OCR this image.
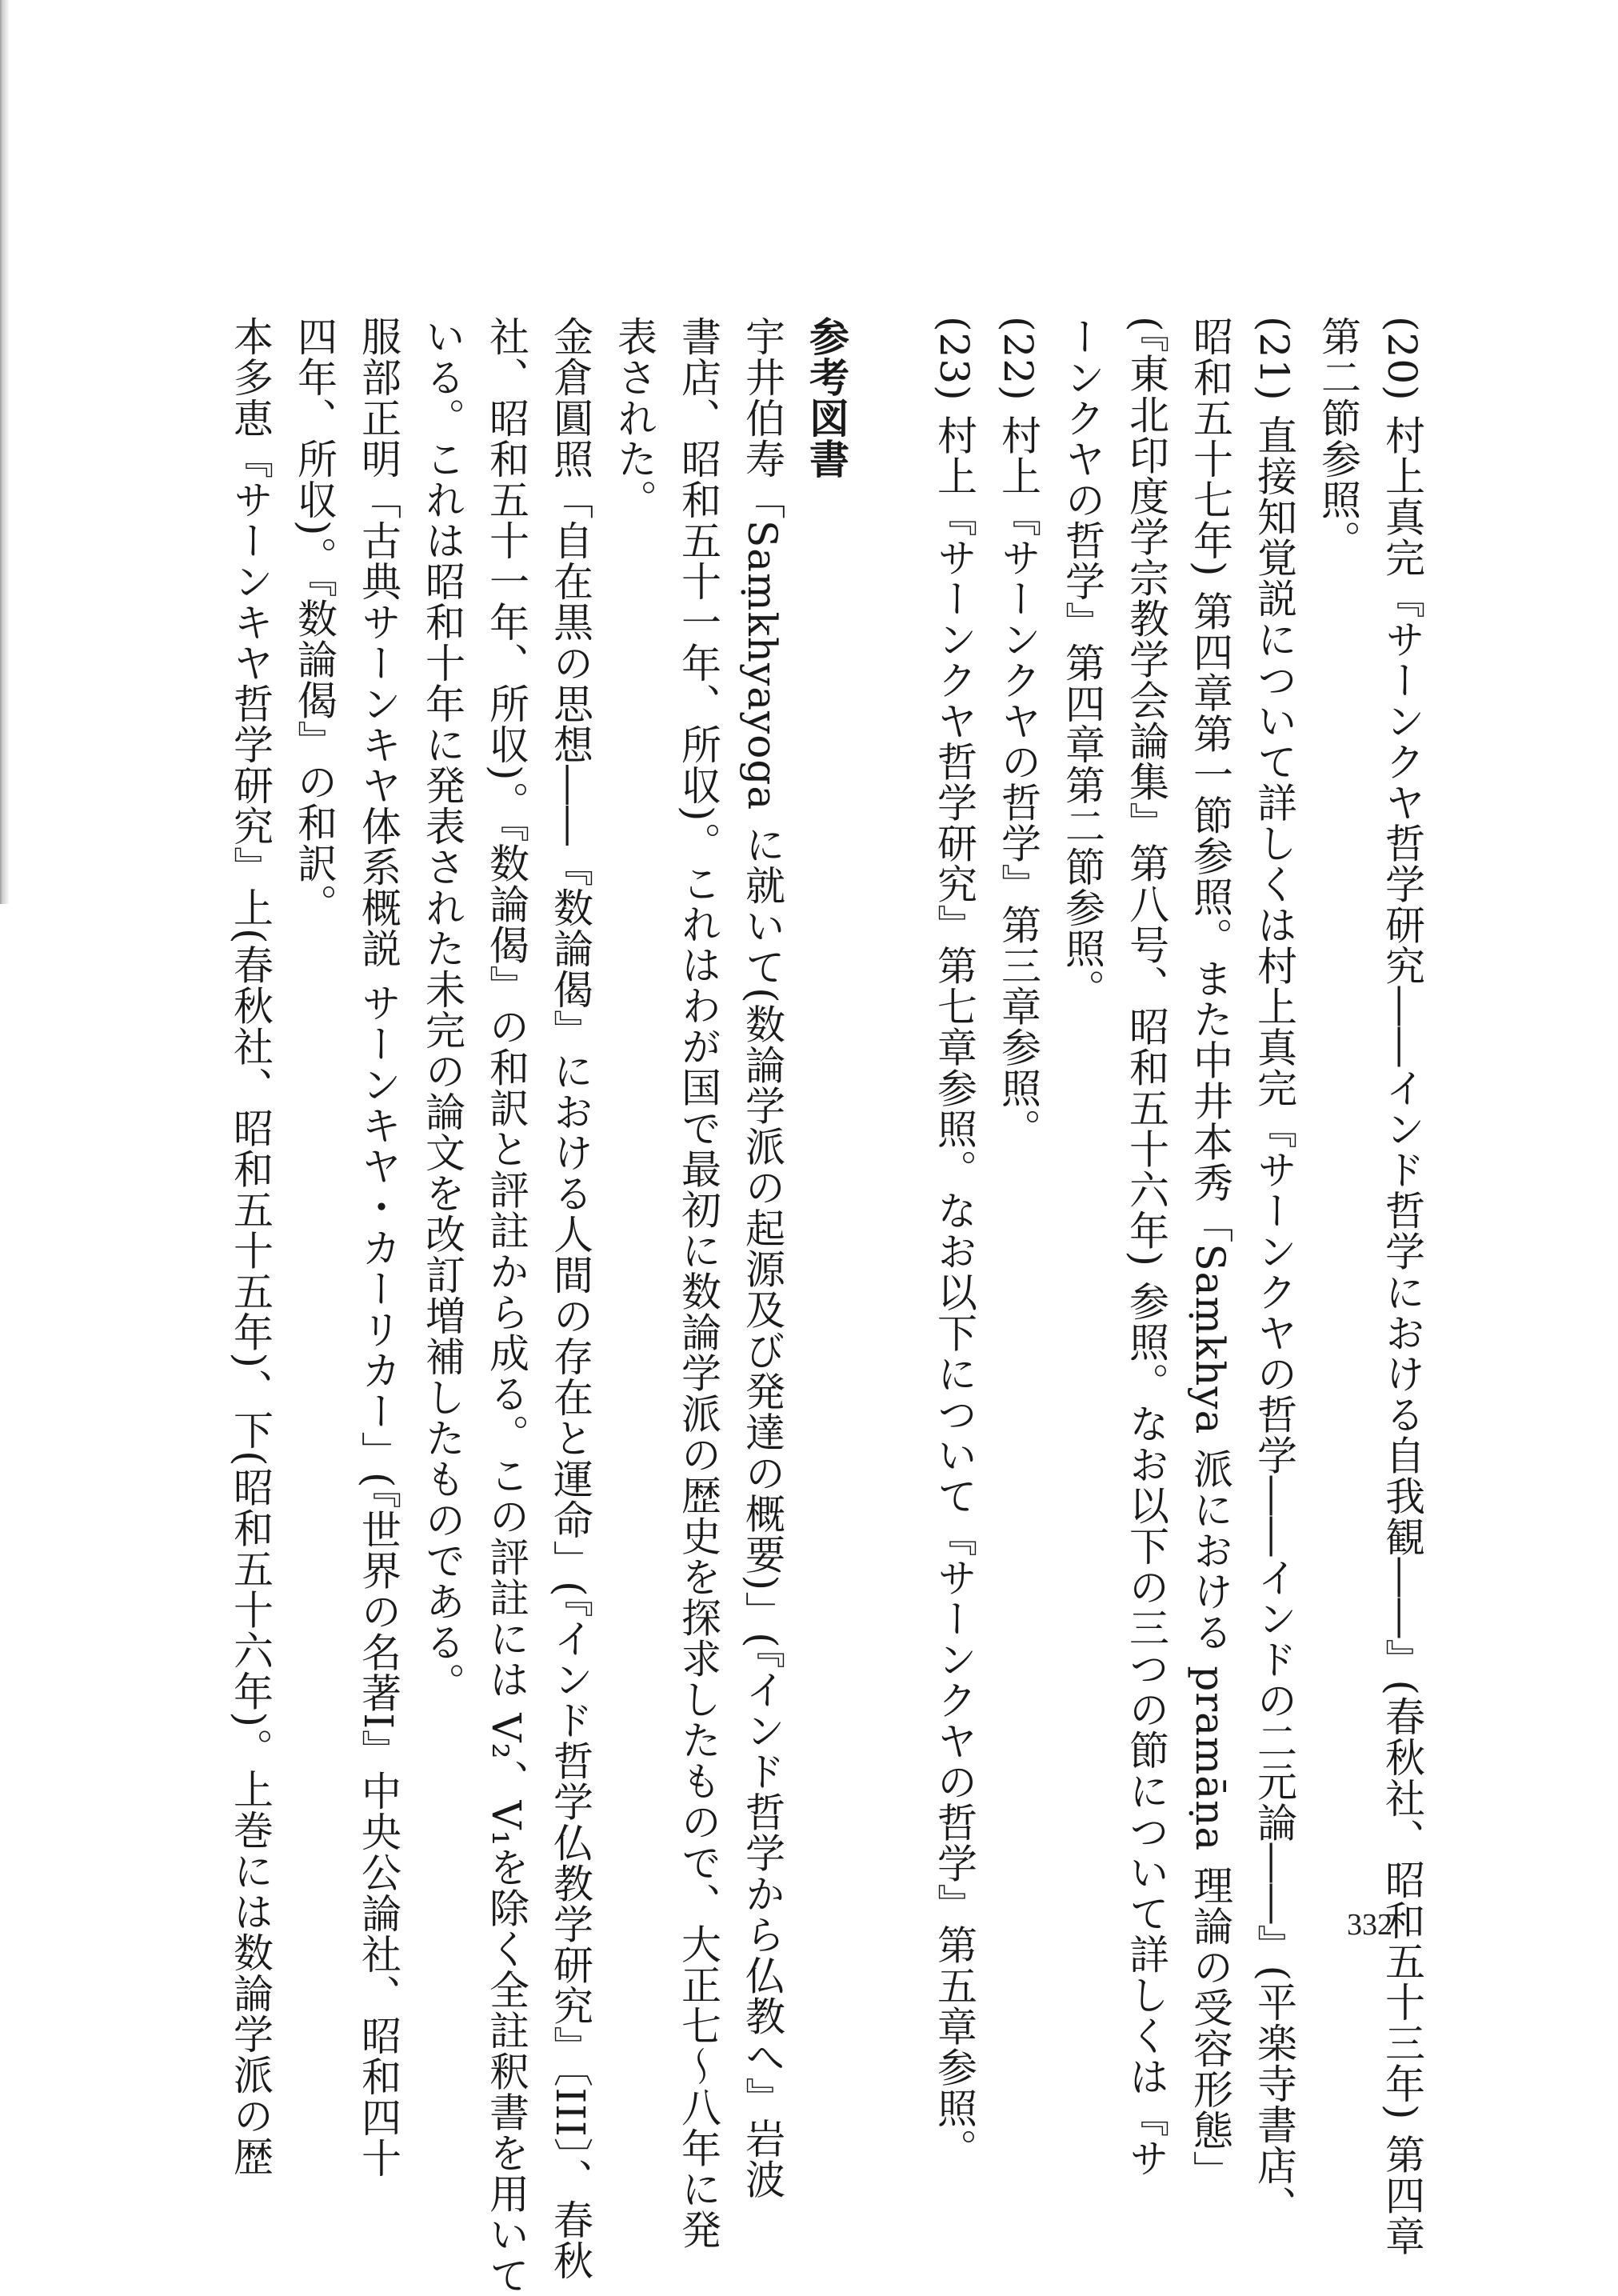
(20) 村上真完『サーンクヤ哲学研究――インド哲学における自我観――』(春秋社、昭和五十三年) 第四章
第二節参照。
(21) 直接知覚説について詳しくは村上真完『サーンクヤの哲学――インドの二元論――』(平楽寺書店、
昭和五十七年) 第四章第一節参照。また中井本秀「Saṃkhya 派における pramāṇa 理論の受容形態」
(『東北印度学宗教学会論集』第八号、昭和五十六年) 参照。なお以下の三つの節について詳しくは『サ
ーンクヤの哲学』第四章第二節参照。
(22) 村上『サーンクヤの哲学』第三章参照。
(23) 村上『サーンクヤ哲学研究』第七章参照。なお以下について『サーンクヤの哲学』第五章参照。
参考図書
宇井伯寿「Saṃkhyayoga に就いて(数論学派の起源及び発達の概要)」(『インド哲学から仏教へ』岩波
書店、昭和五十一年、所収)。これはわが国で最初に数論学派の歴史を探求したもので、大正七〜八年に発
表された。
金倉圓照「自在黒の思想――『数論偈』における人間の存在と運命」(『インド哲学仏教学研究』〔III〕、春秋
社、昭和五十一年、所収)。『数論偈』の和訳と評註から成る。この評註には V₂、V₁を除く全註釈書を用いて
いる。これは昭和十年に発表された未完の論文を改訂増補したものである。
服部正明「古典サーンキヤ体系概説 サーンキヤ・カーリカー」(『世界の名著I』中央公論社、昭和四十
四年、所収)。『数論偈』の和訳。
本多恵『サーンキヤ哲学研究』上(春秋社、昭和五十五年)、下(昭和五十六年)。上巻には数論学派の歴	332
